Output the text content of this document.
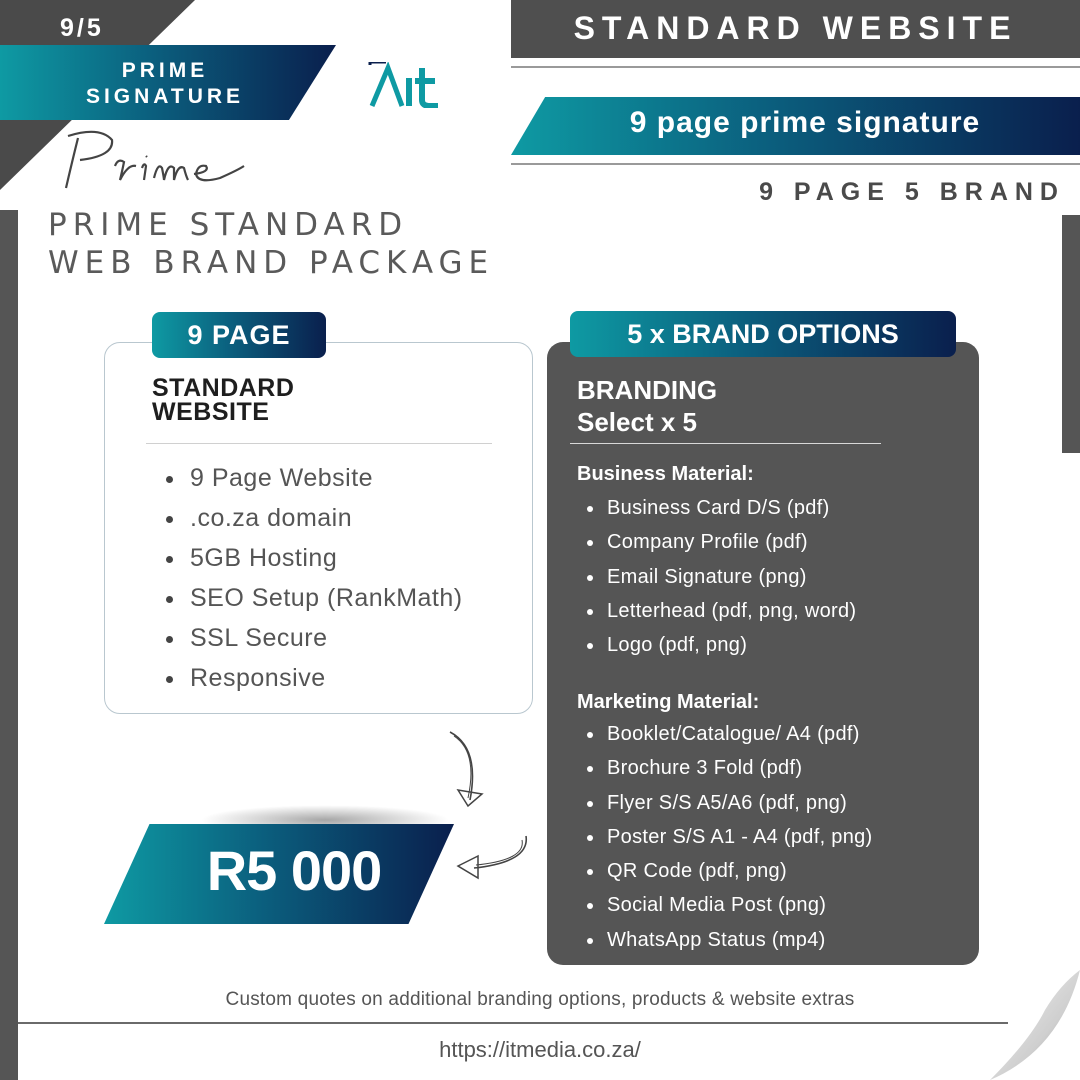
9/5
PRIME
SIGNATURE
PRIME STANDARD
WEB BRAND PACKAGE
STANDARD WEBSITE
9 page prime signature
9 PAGE 5 BRAND
9 PAGE
STANDARD
WEBSITE
9 Page Website
.co.za domain
5GB Hosting
SEO Setup (RankMath)
SSL Secure
Responsive
5 x BRAND OPTIONS
BRANDING
Select x 5
Business Material:
Business Card D/S (pdf)
Company Profile (pdf)
Email Signature (png)
Letterhead (pdf, png, word)
Logo (pdf, png)
Marketing Material:
Booklet/Catalogue/ A4 (pdf)
Brochure 3 Fold (pdf)
Flyer S/S A5/A6 (pdf, png)
Poster S/S A1 - A4 (pdf, png)
QR Code (pdf, png)
Social Media Post (png)
WhatsApp Status (mp4)
R5 000
Custom quotes on additional branding options, products & website extras
https://itmedia.co.za/
